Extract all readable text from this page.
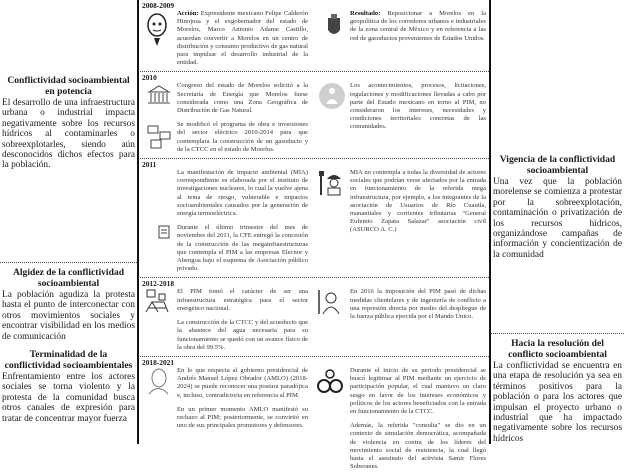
Conflictividad socioambiental en potencia

El desarrollo de una infraestructura urbana o industrial impacta negativamente sobre los recursos hídricos al contaminarles o sobreexplotarles, siendo aún desconocidos dichos efectos para la población.

Algidez de la conflictividad socioambiental

La población agudiza la protesta hasta el punto de interconectar con otros movimientos sociales y encontrar visibilidad en los medios de comunicación

Terminalidad de la conflictividad socioambientales

Enfrentamiento entre los actores sociales se torna violento y la protesta de la comunidad busca otros canales de expresión para tratar de concentrar mayor fuerza

Vigencia de la conflictividad socioambiental

Una vez que la población morelense se comienza a protestar por la sobreexplotación, contaminación o privatización de los recursos hídricos, organizándose campañas de información y concientización de la comunidad

Hacia la resolución del conflicto socioambiental

La conflictividad se encuentra en una etapa de resolución ya sea en términos positivos para la población o para los actores que impulsan el proyecto urbano o industrial que ha impactado negativamente sobre los recursos hídricos

2008-2009
Acción: Expresidente mexicano Felipe Calderón Hinojosa y el exgobernador del estado de Morelos, Marco Antonio Adame Castillo, acuerdan convertir a Morelos en un centro de distribución y consumo productivo de gas natural para impulsar el desarrollo industrial de la entidad.
Resultado: Reposicionar a Morelos en la geopolítica de los corredores urbanos e industriales de la zona central de México y en referencia a las red de gasoductos provenientes de Estados Unidos.
2010
Congreso del estado de Morelos solicitó a la Secretaría de Energía que Morelos fuese considerada como una Zona Geográfica de Distribución de Gas Natural.
Se modificó el programa de obra e inversiones del sector eléctrico 2010-2014 para que contemplara la construcción de un gasoducto y de la CTCC en el estado de Morelos.
Los acontecimientos, procesos, licitaciones, regulaciones y modificaciones llevadas a cabo por parte del Estado mexicano en torno al PIM, no consideraron los intereses, necesidades y condiciones territoriales concretas de las comunidades.
2011
La manifestación de impacto ambiental (MIA) correspondiente es elaborada por el instituto de investigaciones nucleares, lo cual la vuelve ajena al tema de riesgo, vulnerable e impactos socioambientales causados por la generación de energía termoeléctrica.
Durante el último trimestre del mes de noviembre del 2011, la CFE entregó la concesión de la construcción de las megainfraestructuras que contempla el PIM a las empresas Elecnor y Abengoa bajo el esquema de Asociación público privado.
MIA no contempla a todas la diversidad de actores sociales que podrían verse afectados por la entrada en funcionamiento de la referida mega infraestructura, por ejemplo, a los integrantes de la asociación de Usuarios de Río Cuautla, manantiales y corrientes tributarias "General Eufemio Zapata Salazar" asociación civil (ASURCO A. C.)
2012-2018
El PIM tomó el carácter de ser una infraestructura estratégica para el sector energético nacional.
La construcción de la CTCC y del acueducto que la abastece del agua necesaria para su funcionamiento se quedó con un avance físico de la obra del 99.5%.
En 2016 la imposición del PIM pasó de dichas medidas clientelares y de ingeniería de conflicto a una represión directa por medio del despliegue de la fuerza pública ejercida por el Mando Único.
2018-2021
En lo que respecta al gobierno presidencial de Andrés Manuel López Obrador (AMLO) (2018-2024) se puede reconocer una postura paradójica e, incluso, contradictoria en referencia al PIM.
En un primer momento AMLO manifestó su rechazo al PIM; posteriormente, se convirtió en uno de sus principales promotores y defensores.
Durante el inicio de su periodo presidencial se buscó legitimar al PIM mediante un ejercicio de participación popular, el cual mantuvo un claro sesgo en favor de los intereses económicos y políticos de los actores beneficiados con la entrada en funcionamiento de la CTCC.
Además, la referida "consulta" se dio en un contexto de simulación democrática, acompañada de violencia en contra de los líderes del movimiento social de resistencia, la cual llegó hasta el asesinato del activista Samir Flores Soberanes.
